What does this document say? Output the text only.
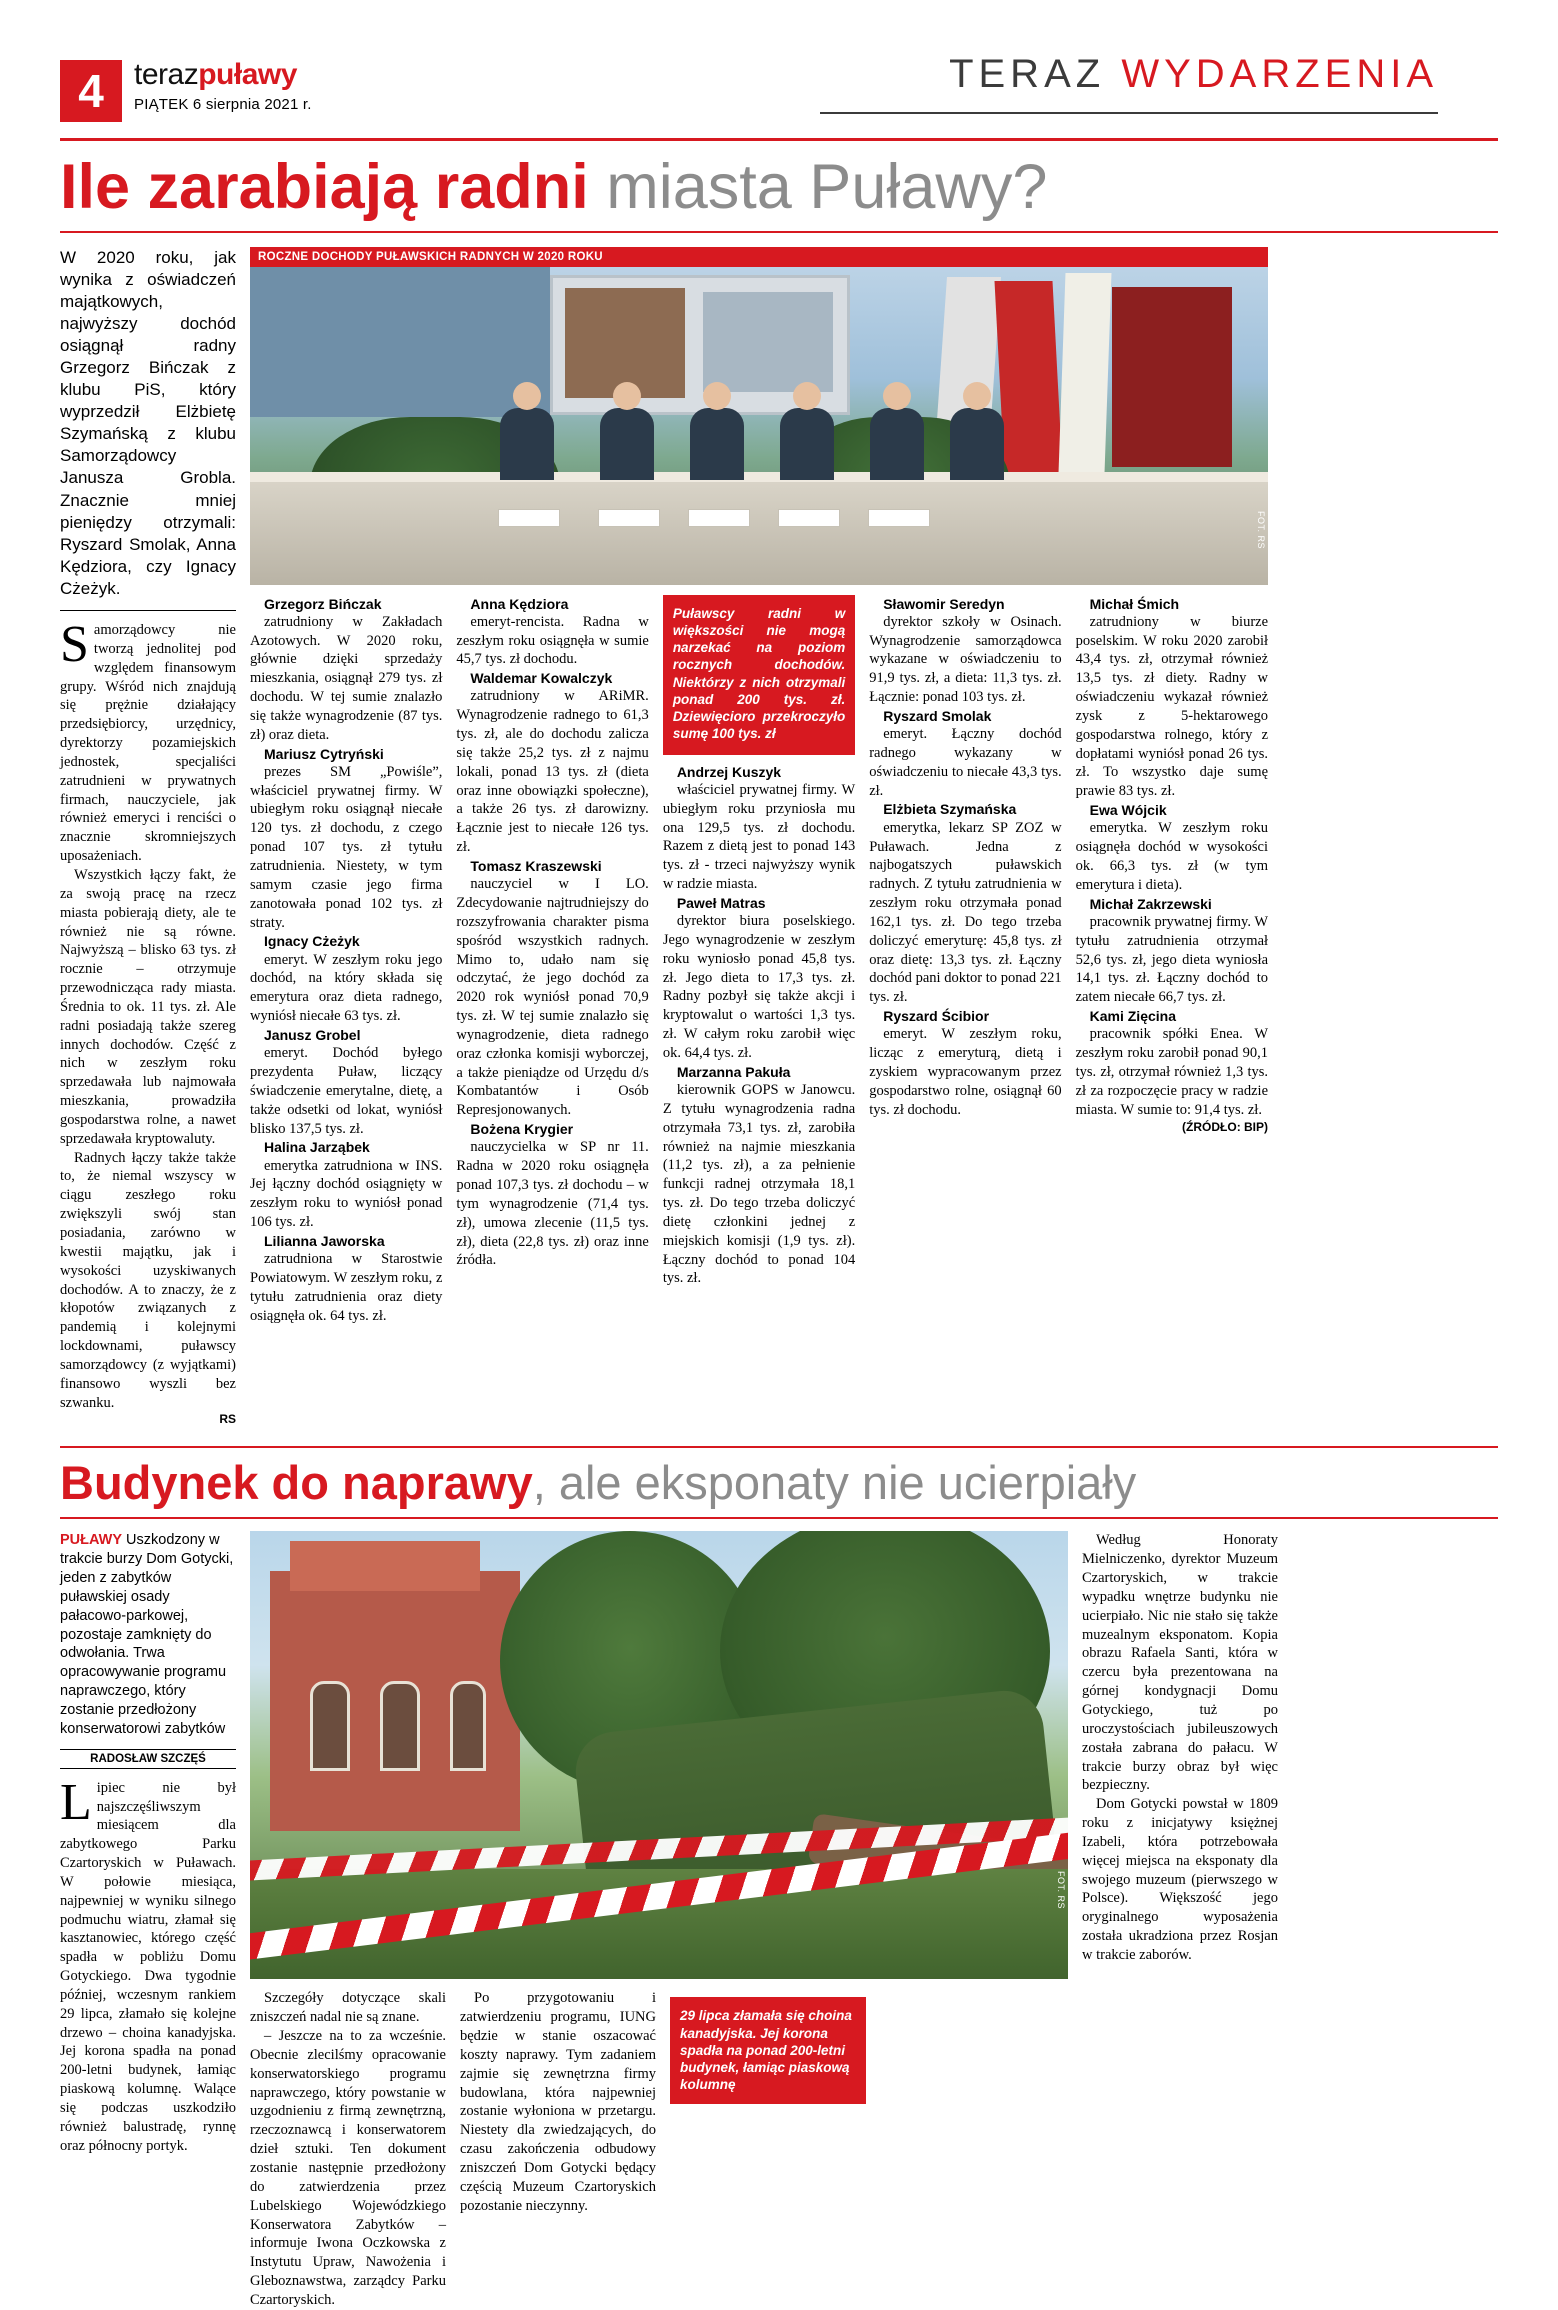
4	terazpuławy
PIĄTEK 6 sierpnia 2021 r.
TERAZ WYDARZENIA
Ile zarabiają radni miasta Puławy?
W 2020 roku, jak wynika z oświadczeń majątkowych, najwyższy dochód osiągnął radny Grzegorz Bińczak z klubu PiS, który wyprzedził Elżbietę Szymańską z klubu Samorządowcy Janusza Grobla. Znacznie mniej pieniędzy otrzymali: Ryszard Smolak, Anna Kędziora, czy Ignacy Cżeżyk.

Samorządowcy nie tworzą jednolitej pod względem finansowym grupy. Wśród nich znajdują się prężnie działający przedsiębiorcy, urzędnicy, dyrektorzy pozamiejskich jednostek, specjaliści zatrudnieni w prywatnych firmach, nauczyciele, jak również emeryci i renciści o znacznie skromniejszych uposażeniach.

Wszystkich łączy fakt, że za swoją pracę na rzecz miasta pobierają diety, ale te również nie są równe. Najwyższą – blisko 63 tys. zł rocznie – otrzymuje przewodnicząca rady miasta. Średnia to ok. 11 tys. zł. Ale radni posiadają także szereg innych dochodów. Część z nich w zeszłym roku sprzedawała lub najmowała mieszkania, prowadziła gospodarstwa rolne, a nawet sprzedawała kryptowaluty.

Radnych łączy także także to, że niemal wszyscy w ciągu zeszłego roku zwiększyli swój stan posiadania, zarówno w kwestii majątku, jak i wysokości uzyskiwanych dochodów. A to znaczy, że z kłopotów związanych z pandemią i kolejnymi lockdownami, puławscy samorządowcy (z wyjątkami) finansowo wyszli bez szwanku.

RS

ROCZNE DOCHODY PUŁAWSKICH RADNYCH W 2020 ROKU
FOT. RS

Grzegorz Bińczak

zatrudniony w Zakładach Azotowych. W 2020 roku, głównie dzięki sprzedaży mieszkania, osiągnął 279 tys. zł dochodu. W tej sumie znalazło się także wynagrodzenie (87 tys. zł) oraz dieta.

Mariusz Cytryński

prezes SM „Powiśle”, właściciel prywatnej firmy. W ubiegłym roku osiągnął niecałe 120 tys. zł dochodu, z czego ponad 107 tys. zł tytułu zatrudnienia. Niestety, w tym samym czasie jego firma zanotowała ponad 102 tys. zł straty.

Ignacy Cżeżyk

emeryt. W zeszłym roku jego dochód, na który składa się emerytura oraz dieta radnego, wyniósł niecałe 63 tys. zł.

Janusz Grobel

emeryt. Dochód byłego prezydenta Puław, liczący świadczenie emerytalne, dietę, a także odsetki od lokat, wyniósł blisko 137,5 tys. zł.

Halina Jarząbek

emerytka zatrudniona w INS. Jej łączny dochód osiągnięty w zeszłym roku to wyniósł ponad 106 tys. zł.

Lilianna Jaworska

zatrudniona w Starostwie Powiatowym. W zeszłym roku, z tytułu zatrudnienia oraz diety osiągnęła ok. 64 tys. zł.

Anna Kędziora

emeryt-rencista. Radna w zeszłym roku osiągnęła w sumie 45,7 tys. zł dochodu.

Waldemar Kowalczyk

zatrudniony w ARiMR. Wynagrodzenie radnego to 61,3 tys. zł, ale do dochodu zalicza się także 25,2 tys. zł z najmu lokali, ponad 13 tys. zł (dieta oraz inne obowiązki społeczne), a także 26 tys. zł darowizny. Łącznie jest to niecałe 126 tys. zł.

Tomasz Kraszewski

nauczyciel w I LO. Zdecydowanie najtrudniejszy do rozszyfrowania charakter pisma spośród wszystkich radnych. Mimo to, udało nam się odczytać, że jego dochód za 2020 rok wyniósł ponad 70,9 tys. zł. W tej sumie znalazło się wynagrodzenie, dieta radnego oraz członka komisji wyborczej, a także pieniądze od Urzędu d/s Kombatantów i Osób Represjonowanych.

Bożena Krygier

nauczycielka w SP nr 11. Radna w 2020 roku osiągnęła ponad 107,3 tys. zł dochodu – w tym wynagrodzenie (71,4 tys. zł), umowa zlecenie (11,5 tys. zł), dieta (22,8 tys. zł) oraz inne źródła.

Puławscy radni w większości nie mogą narzekać na poziom rocznych dochodów. Niektórzy z nich otrzymali ponad 200 tys. zł. Dziewięcioro przekroczyło sumę 100 tys. zł

Andrzej Kuszyk

właściciel prywatnej firmy. W ubiegłym roku przyniosła mu ona 129,5 tys. zł dochodu. Razem z dietą jest to ponad 143 tys. zł - trzeci najwyższy wynik w radzie miasta.

Paweł Matras

dyrektor biura poselskiego. Jego wynagrodzenie w zeszłym roku wyniosło ponad 45,8 tys. zł. Jego dieta to 17,3 tys. zł. Radny pozbył się także akcji i kryptowalut o wartości 1,3 tys. zł. W całym roku zarobił więc ok. 64,4 tys. zł.

Marzanna Pakuła

kierownik GOPS w Janowcu. Z tytułu wynagrodzenia radna otrzymała 73,1 tys. zł, zarobiła również na najmie mieszkania (11,2 tys. zł), a za pełnienie funkcji radnej otrzymała 18,1 tys. zł. Do tego trzeba doliczyć dietę członkini jednej z miejskich komisji (1,9 tys. zł). Łączny dochód to ponad 104 tys. zł.

Sławomir Seredyn

dyrektor szkoły w Osinach. Wynagrodzenie samorządowca wykazane w oświadczeniu to 91,9 tys. zł, a dieta: 11,3 tys. zł. Łącznie: ponad 103 tys. zł.

Ryszard Smolak

emeryt. Łączny dochód radnego wykazany w oświadczeniu to niecałe 43,3 tys. zł.

Elżbieta Szymańska

emerytka, lekarz SP ZOZ w Puławach. Jedna z najbogatszych puławskich radnych. Z tytułu zatrudnienia w zeszłym roku otrzymała ponad 162,1 tys. zł. Do tego trzeba doliczyć emeryturę: 45,8 tys. zł oraz dietę: 13,3 tys. zł. Łączny dochód pani doktor to ponad 221 tys. zł.

Ryszard Ścibior

emeryt. W zeszłym roku, licząc z emeryturą, dietą i zyskiem wypracowanym przez gospodarstwo rolne, osiągnął 60 tys. zł dochodu.

Michał Śmich

zatrudniony w biurze poselskim. W roku 2020 zarobił 43,4 tys. zł, otrzymał również 13,5 tys. zł diety. Radny w oświadczeniu wykazał również zysk z 5-hektarowego gospodarstwa rolnego, który z dopłatami wyniósł ponad 26 tys. zł. To wszystko daje sumę prawie 83 tys. zł.

Ewa Wójcik

emerytka. W zeszłym roku osiągnęła dochód w wysokości ok. 66,3 tys. zł (w tym emerytura i dieta).

Michał Zakrzewski

pracownik prywatnej firmy. W tytułu zatrudnienia otrzymał 52,6 tys. zł, jego dieta wyniosła 14,1 tys. zł. Łączny dochód to zatem niecałe 66,7 tys. zł.

Kami Zięcina

pracownik spółki Enea. W zeszłym roku zarobił ponad 90,1 tys. zł, otrzymał również 1,3 tys. zł za rozpoczęcie pracy w radzie miasta. W sumie to: 91,4 tys. zł.

(ŹRÓDŁO: BIP)

Budynek do naprawy, ale eksponaty nie ucierpiały
PUŁAWY Uszkodzony w trakcie burzy Dom Gotycki, jeden z zabytków puławskiej osady pałacowo-parkowej, pozostaje zamknięty do odwołania. Trwa opracowywanie programu naprawczego, który zostanie przedłożony konserwatorowi zabytków
RADOSŁAW SZCZĘŚ

Lipiec nie był najszczęśliwszym miesiącem dla zabytkowego Parku Czartoryskich w Puławach. W połowie miesiąca, najpewniej w wyniku silnego podmuchu wiatru, złamał się kasztanowiec, którego część spadła w pobliżu Domu Gotyckiego. Dwa tygodnie później, wczesnym rankiem 29 lipca, złamało się kolejne drzewo – choina kanadyjska. Jej korona spadła na ponad 200-letni budynek, łamiąc piaskową kolumnę. Walące się podczas uszkodziło również balustradę, rynnę oraz północny portyk.

FOT. RS

Szczegóły dotyczące skali zniszczeń nadal nie są znane.

– Jeszcze na to za wcześnie. Obecnie zlecilśmy opracowanie konserwatorskiego programu naprawczego, który powstanie w uzgodnieniu z firmą zewnętrzną, rzeczoznawcą i konserwatorem dzieł sztuki. Ten dokument zostanie następnie przedłożony do zatwierdzenia przez Lubelskiego Wojewódzkiego Konserwatora Zabytków – informuje Iwona Oczkowska z Instytutu Upraw, Nawożenia i Gleboznawstwa, zarządcy Parku Czartoryskich.

Po przygotowaniu i zatwierdzeniu programu, IUNG będzie w stanie oszacować koszty naprawy. Tym zadaniem zajmie się zewnętrzna firmy budowlana, która najpewniej zostanie wyłoniona w przetargu. Niestety dla zwiedzających, do czasu zakończenia odbudowy zniszczeń Dom Gotycki będący częścią Muzeum Czartoryskich pozostanie nieczynny.

29 lipca złamała się choina kanadyjska. Jej korona spadła na ponad 200-letni budynek, łamiąc piaskową kolumnę

Według Honoraty Mielniczenko, dyrektor Muzeum Czartoryskich, w trakcie wypadku wnętrze budynku nie ucierpiało. Nic nie stało się także muzealnym eksponatom. Kopia obrazu Rafaela Santi, która w czercu była prezentowana na górnej kondygnacji Domu Gotyckiego, tuż po uroczystościach jubileuszowych została zabrana do pałacu. W trakcie burzy obraz był więc bezpieczny.

Dom Gotycki powstał w 1809 roku z inicjatywy księżnej Izabeli, która potrzebowała więcej miejsca na eksponaty dla swojego muzeum (pierwszego w Polsce). Większość jego oryginalnego wyposażenia została ukradziona przez Rosjan w trakcie zaborów.
